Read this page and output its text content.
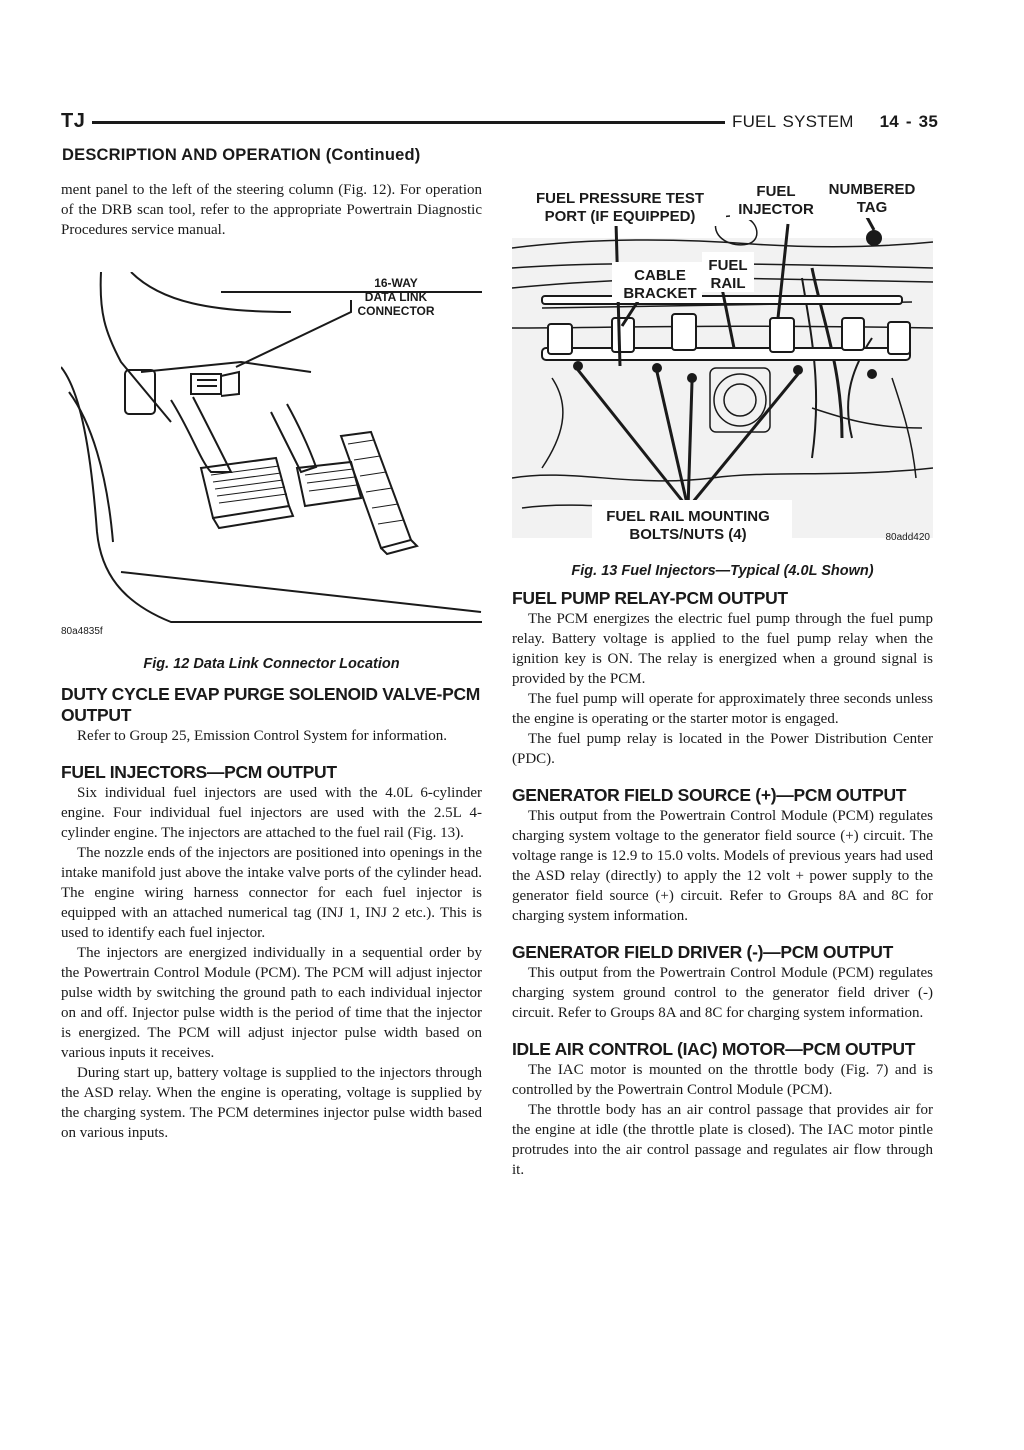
TJ	FUEL SYSTEM 14 - 35
DESCRIPTION AND OPERATION (Continued)

ment panel to the left of the steering column (Fig. 12). For operation of the DRB scan tool, refer to the appropriate Powertrain Diagnostic Procedures service manual.

16-WAY
DATA LINK
CONNECTOR
80a4835f
Fig. 12 Data Link Connector Location
DUTY CYCLE EVAP PURGE SOLENOID VALVE-PCM OUTPUT

Refer to Group 25, Emission Control System for information.

FUEL INJECTORS—PCM OUTPUT

Six individual fuel injectors are used with the 4.0L 6-cylinder engine. Four individual fuel injectors are used with the 2.5L 4-cylinder engine. The injectors are attached to the fuel rail (Fig. 13).

The nozzle ends of the injectors are positioned into openings in the intake manifold just above the intake valve ports of the cylinder head. The engine wiring harness connector for each fuel injector is equipped with an attached numerical tag (INJ 1, INJ 2 etc.). This is used to identify each fuel injector.

The injectors are energized individually in a sequential order by the Powertrain Control Module (PCM). The PCM will adjust injector pulse width by switching the ground path to each individual injector on and off. Injector pulse width is the period of time that the injector is energized. The PCM will adjust injector pulse width based on various inputs it receives.

During start up, battery voltage is supplied to the injectors through the ASD relay. When the engine is operating, voltage is supplied by the charging system. The PCM determines injector pulse width based on various inputs.

FUEL PRESSURE TEST
PORT (IF EQUIPPED)
FUEL
INJECTOR
NUMBERED
TAG
CABLE
BRACKET
FUEL
RAIL
FUEL RAIL MOUNTING
BOLTS/NUTS (4)	80add420
Fig. 13 Fuel Injectors—Typical (4.0L Shown)
FUEL PUMP RELAY-PCM OUTPUT

The PCM energizes the electric fuel pump through the fuel pump relay. Battery voltage is applied to the fuel pump relay when the ignition key is ON. The relay is energized when a ground signal is provided by the PCM.

The fuel pump will operate for approximately three seconds unless the engine is operating or the starter motor is engaged.

The fuel pump relay is located in the Power Distribution Center (PDC).

GENERATOR FIELD SOURCE (+)—PCM OUTPUT

This output from the Powertrain Control Module (PCM) regulates charging system voltage to the generator field source (+) circuit. The voltage range is 12.9 to 15.0 volts. Models of previous years had used the ASD relay (directly) to apply the 12 volt + power supply to the generator field source (+) circuit. Refer to Groups 8A and 8C for charging system information.

GENERATOR FIELD DRIVER (-)—PCM OUTPUT

This output from the Powertrain Control Module (PCM) regulates charging system ground control to the generator field driver (-) circuit. Refer to Groups 8A and 8C for charging system information.

IDLE AIR CONTROL (IAC) MOTOR—PCM OUTPUT

The IAC motor is mounted on the throttle body (Fig. 7) and is controlled by the Powertrain Control Module (PCM).

The throttle body has an air control passage that provides air for the engine at idle (the throttle plate is closed). The IAC motor pintle protrudes into the air control passage and regulates air flow through it.
